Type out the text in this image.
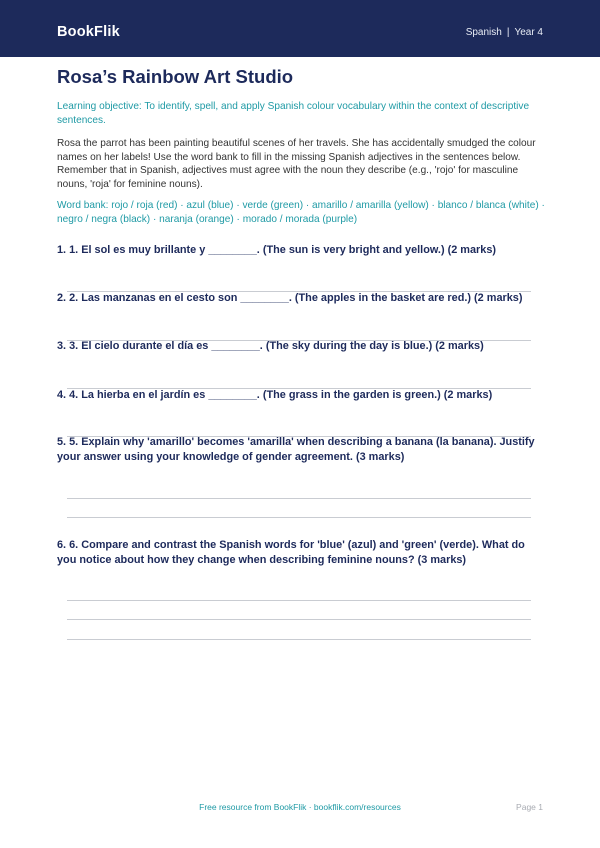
BookFlik	Spanish | Year 4
Rosa’s Rainbow Art Studio
Learning objective: To identify, spell, and apply Spanish colour vocabulary within the context of descriptive sentences.
Rosa the parrot has been painting beautiful scenes of her travels. She has accidentally smudged the colour names on her labels! Use the word bank to fill in the missing Spanish adjectives in the sentences below. Remember that in Spanish, adjectives must agree with the noun they describe (e.g., 'rojo' for masculine nouns, 'roja' for feminine nouns).
Word bank: rojo / roja (red) · azul (blue) · verde (green) · amarillo / amarilla (yellow) · blanco / blanca (white) · negro / negra (black) · naranja (orange) · morado / morada (purple)
1. 1. El sol es muy brillante y ________. (The sun is very bright and yellow.) (2 marks)
2. 2. Las manzanas en el cesto son ________. (The apples in the basket are red.) (2 marks)
3. 3. El cielo durante el día es ________. (The sky during the day is blue.) (2 marks)
4. 4. La hierba en el jardín es ________. (The grass in the garden is green.) (2 marks)
5. 5. Explain why 'amarillo' becomes 'amarilla' when describing a banana (la banana). Justify your answer using your knowledge of gender agreement. (3 marks)
6. 6. Compare and contrast the Spanish words for 'blue' (azul) and 'green' (verde). What do you notice about how they change when describing feminine nouns? (3 marks)
Free resource from BookFlik · bookflik.com/resources	Page 1
